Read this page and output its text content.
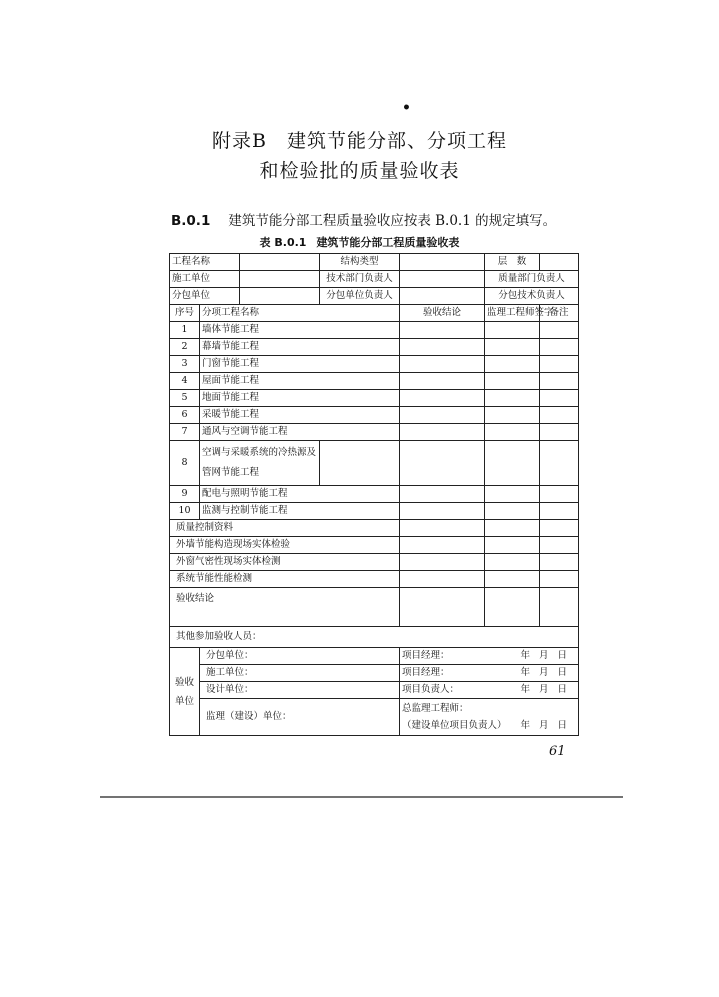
•
附录B　建筑节能分部、分项工程
和检验批的质量验收表
B.0.1 建筑节能分部工程质量验收应按表 B.0.1 的规定填写。
表 B.0.1 建筑节能分部工程质量验收表
工程名称			结构类型		层　数	
施工单位			技术部门负责人		质量部门负责人	
分包单位			分包单位负责人		分包技术负责人	
序号	分项工程名称			验收结论	监理工程师签字	备注
1	墙体节能工程					
2	幕墙节能工程					
3	门窗节能工程					
4	屋面节能工程					
5	地面节能工程					
6	采暖节能工程					
7	通风与空调节能工程					
8	空调与采暖系统的冷热源及管网节能工程					
9	配电与照明节能工程					
10	监测与控制节能工程					
质量控制资料						
外墙节能构造现场实体检验						
外窗气密性现场实体检测						
系统节能性能检测						
验收结论						
其他参加验收人员：						
验收单位	分包单位：			项目经理： 年月日		

	施工单位：			项目经理： 年月日		

	设计单位：			项目负责人： 年月日		

	监理（建设）单位：			总监理工程师：
（建设单位项目负责人） 年月日		
61
